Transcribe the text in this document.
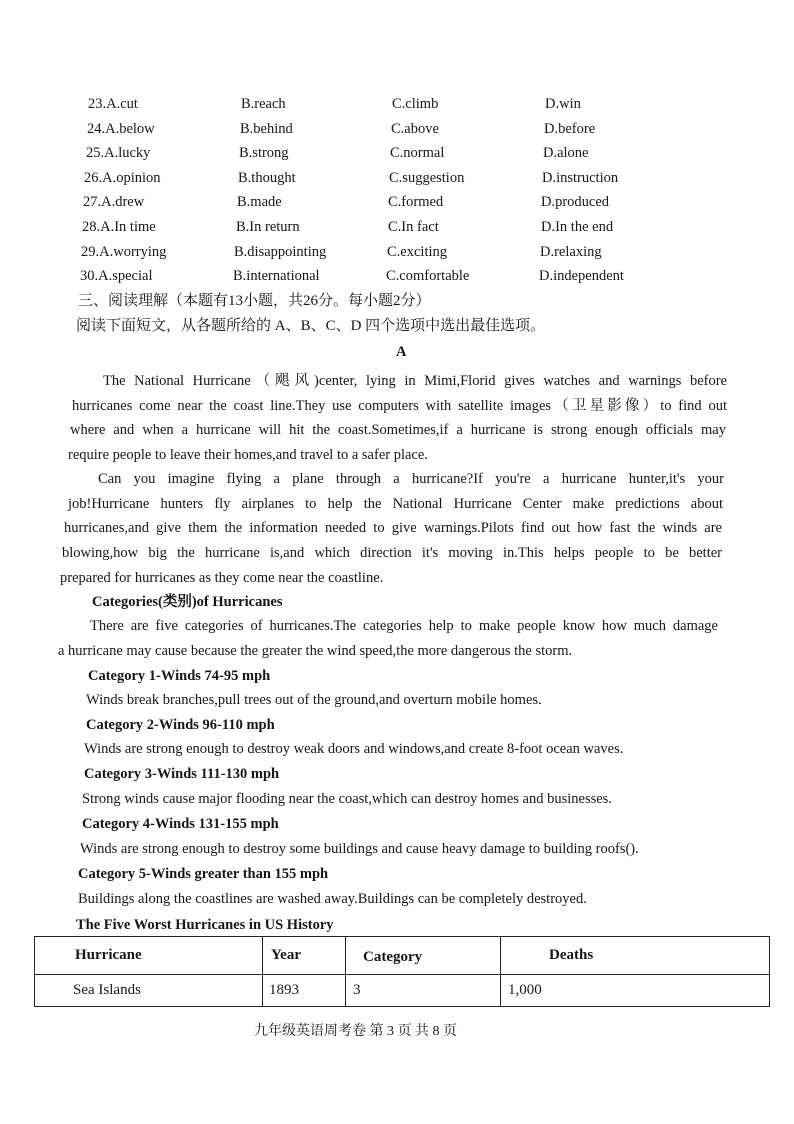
23.A.cut	B.reach	C.climb	D.win
24.A.below	B.behind	C.above	D.before
25.A.lucky	B.strong	C.normal	D.alone
26.A.opinion	B.thought	C.suggestion	D.instruction
27.A.drew	B.made	C.formed	D.produced
28.A.In time	B.In return	C.In fact	D.In the end
29.A.worrying	B.disappointing	C.exciting	D.relaxing
30.A.special	B.international	C.comfortable	D.independent
三、阅读理解（本题有13小题，共26分。每小题2分）
阅读下面短文，从各题所给的 A、B、C、D 四个选项中选出最佳选项。
A
The National Hurricane（飓风)center, lying in Mimi,Florid gives watches and warnings before
hurricanes come near the coast line.They use computers with satellite images（卫星影像）to find out
where and when a hurricane will hit the coast.Sometimes,if a hurricane is strong enough officials may
require people to leave their homes,and travel to a safer place.
Can you imagine flying a plane through a hurricane?If you're a hurricane hunter,it's your
job!Hurricane hunters fly airplanes to help the National Hurricane Center make predictions about
hurricanes,and give them the information needed to give warnings.Pilots find out how fast the winds are
blowing,how big the hurricane is,and which direction it's moving in.This helps people to be better
prepared for hurricanes as they come near the coastline.
Categories(类别)of Hurricanes
There are five categories of hurricanes.The categories help to make people know how much damage
a hurricane may cause because the greater the wind speed,the more dangerous the storm.
Category 1-Winds 74-95 mph
Winds break branches,pull trees out of the ground,and overturn mobile homes.
Category 2-Winds 96-110 mph
Winds are strong enough to destroy weak doors and windows,and create 8-foot ocean waves.
Category 3-Winds 111-130 mph
Strong winds cause major flooding near the coast,which can destroy homes and businesses.
Category 4-Winds 131-155 mph
Winds are strong enough to destroy some buildings and cause heavy damage to building roofs().
Category 5-Winds greater than 155 mph
Buildings along the coastlines are washed away.Buildings can be completely destroyed.
The Five Worst Hurricanes in US History
Hurricane	Year	Category	Deaths
Sea Islands	1893	3	1,000
九年级英语周考卷 第 3 页 共 8 页
